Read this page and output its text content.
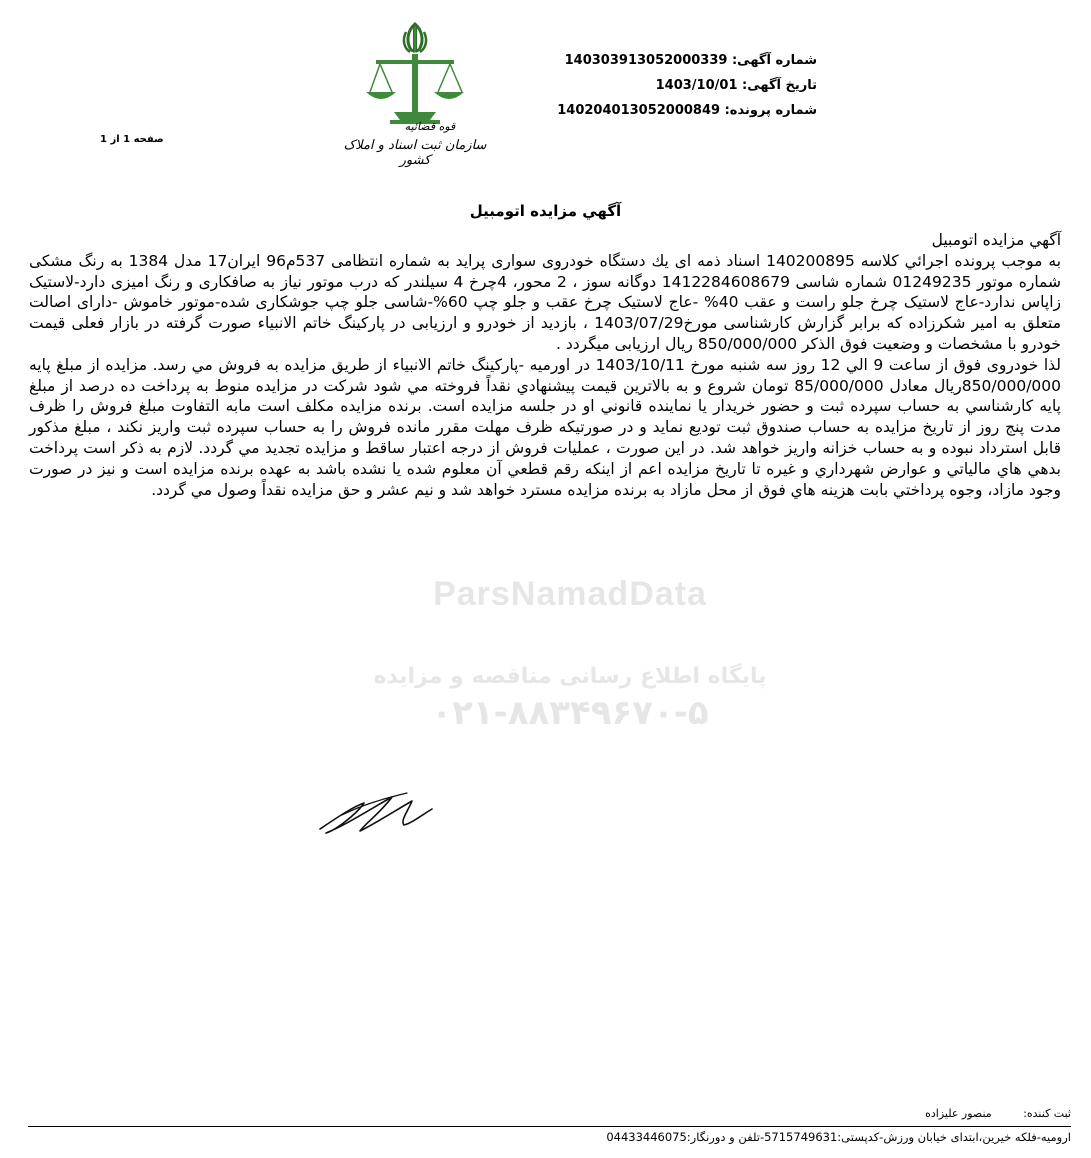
قوه قضائیه
سازمان ثبت اسناد و املاک کشور
شماره آگهی: 140303913052000339
تاریخ آگهی: 1403/10/01
شماره پرونده: 140204013052000849
صفحه 1 از 1
آگهي مزايده اتومبيل
ParsNamadData
پایگاه اطلاع رسانی مناقصه و مزایده
۰۲۱-۸۸۳۴۹۶۷۰-۵

آگهي مزايده اتومبيل

به موجب پرونده اجرائي كلاسه 140200895 اسناد ذمه ای يك دستگاه خودروی سواری پراید به شماره انتظامی 537م96 ایران17 مدل 1384 به رنگ مشکی شماره موتور 01249235 شماره شاسی 1412284608679 دوگانه سوز ، 2 محور، 4چرخ 4 سیلندر که درب موتور نیاز به صافکاری و رنگ امیزی دارد-لاستیک زاپاس ندارد-عاج لاستیک چرخ جلو راست و عقب 40% -عاج لاستیک چرخ عقب و جلو چپ 60%-شاسی جلو چپ جوشکاری شده-موتور خاموش -دارای اصالت متعلق به امیر شکرزاده که برابر گزارش کارشناسی مورخ1403/07/29 ، بازدید از خودرو و ارزیابی در پارکینگ خاتم الانبیاء صورت گرفته در بازار فعلی قیمت خودرو با مشخصات و وضعیت فوق الذکر 850/000/000 ریال ارزیابی میگردد .

لذا خودروی فوق از ساعت 9 الي 12 روز سه شنبه مورخ 1403/10/11 در اورمیه -پارکینگ خاتم الانبیاء از طريق مزايده به فروش مي رسد. مزايده از مبلغ پايه 850/000/000ريال معادل 85/000/000 تومان شروع و به بالاترين قيمت پيشنهادي نقداً فروخته مي شود شركت در مزايده منوط به پرداخت ده درصد از مبلغ پايه كارشناسي به حساب سپرده ثبت و حضور خريدار يا نماينده قانوني او در جلسه مزايده است. برنده مزايده مكلف است مابه التفاوت مبلغ فروش را ظرف مدت پنج روز از تاريخ مزايده به حساب صندوق ثبت توديع نمايد و در صورتيكه ظرف مهلت مقرر مانده فروش را به حساب سپرده ثبت واريز نكند ، مبلغ مذكور قابل استرداد نبوده و به حساب خزانه واريز خواهد شد. در اين صورت ، عمليات فروش از درجه اعتبار ساقط و مزايده تجديد مي گردد. لازم به ذكر است پرداخت بدهي هاي مالياتي و عوارض شهرداري و غيره تا تاريخ مزايده اعم از اينكه رقم قطعي آن معلوم شده يا نشده باشد به عهده برنده مزايده است و نيز در صورت وجود مازاد، وجوه پرداختي بابت هزينه هاي فوق از محل مازاد به برنده مزايده مسترد خواهد شد و نيم عشر و حق مزايده نقداً وصول مي گردد.

ثبت كننده: منصور علیزاده
ارومیه-فلکه خیرین،ابتدای خیابان ورزش-کدپستی:5715749631-تلفن و دورنگار:04433446075
